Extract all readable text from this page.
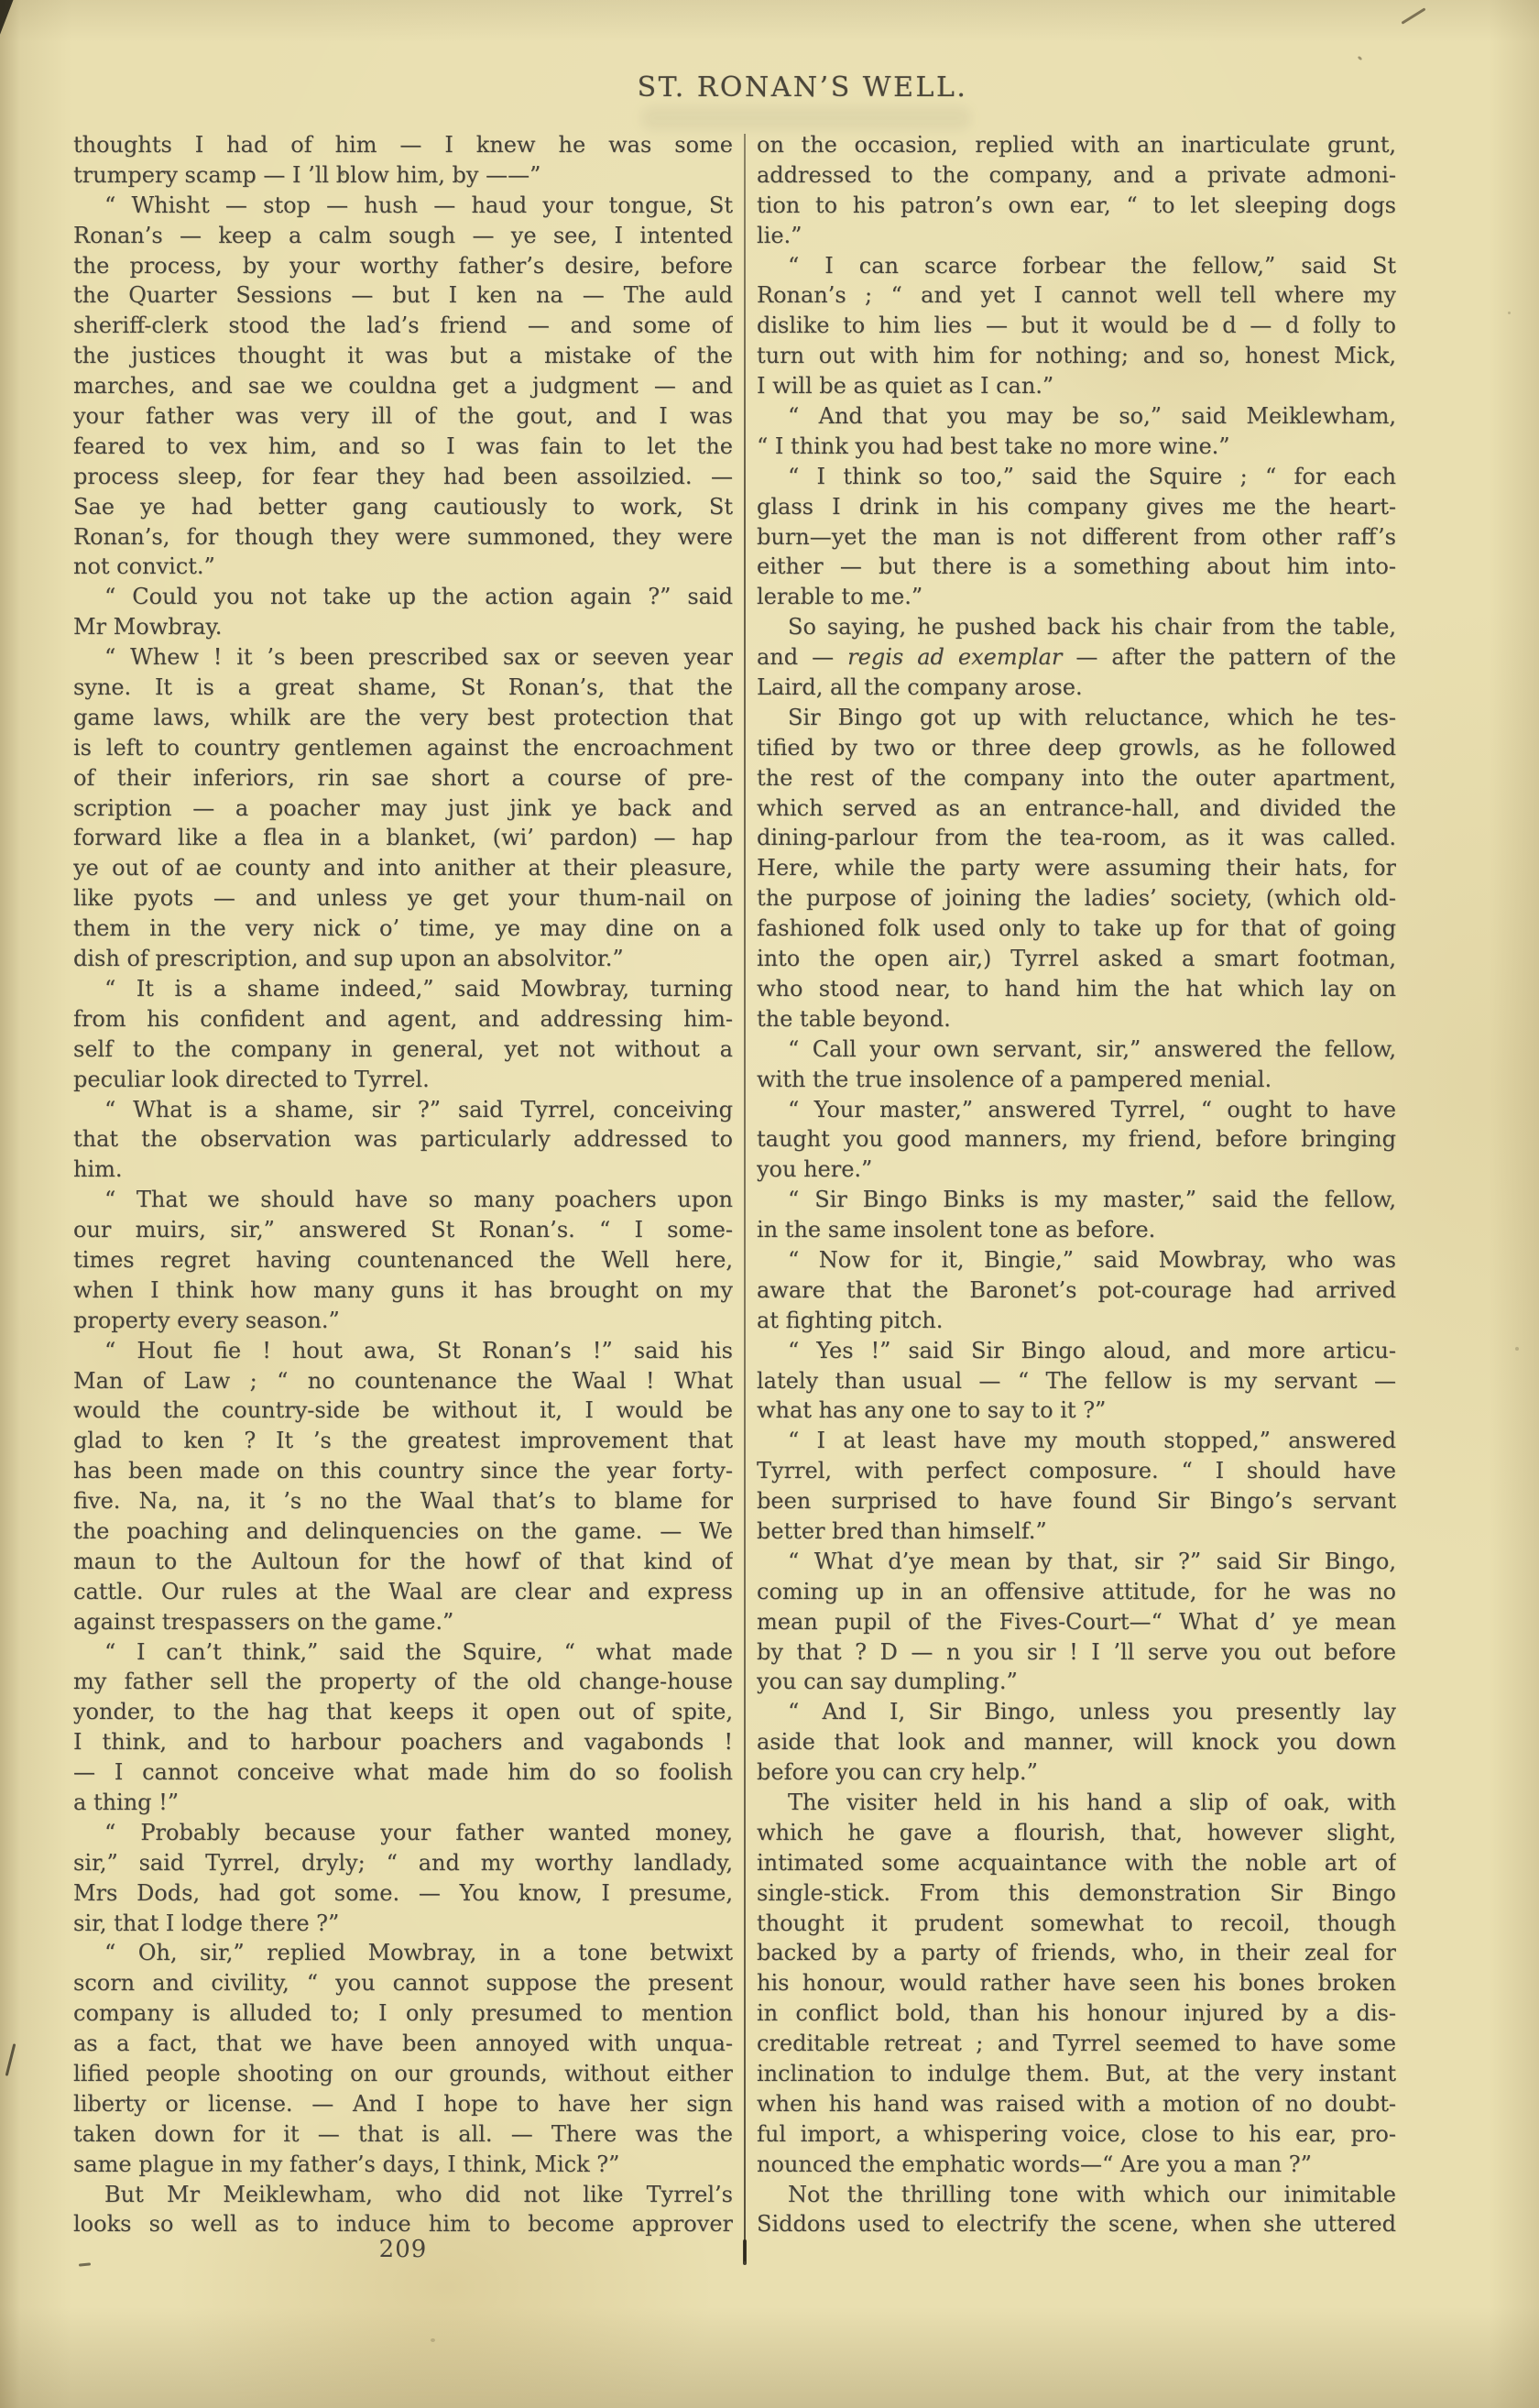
ST. RONAN’S WELL.
thoughts I had of him — I knew he was some
trumpery scamp — I ’ll blow him, by ——”
“ Whisht — stop — hush — haud your tongue, St
Ronan’s — keep a calm sough — ye see, I intented
the process, by your worthy father’s desire, before
the Quarter Sessions — but I ken na — The auld
sheriff-clerk stood the lad’s friend — and some of
the justices thought it was but a mistake of the
marches, and sae we couldna get a judgment — and
your father was very ill of the gout, and I was
feared to vex him, and so I was fain to let the
process sleep, for fear they had been assoilzied. —
Sae ye had better gang cautiously to work, St
Ronan’s, for though they were summoned, they were
not convict.”
“ Could you not take up the action again ?” said
Mr Mowbray.
“ Whew ! it ’s been prescribed sax or seeven year
syne. It is a great shame, St Ronan’s, that the
game laws, whilk are the very best protection that
is left to country gentlemen against the encroachment
of their inferiors, rin sae short a course of pre-
scription — a poacher may just jink ye back and
forward like a flea in a blanket, (wi’ pardon) — hap
ye out of ae county and into anither at their pleasure,
like pyots — and unless ye get your thum-nail on
them in the very nick o’ time, ye may dine on a
dish of prescription, and sup upon an absolvitor.”
“ It is a shame indeed,” said Mowbray, turning
from his confident and agent, and addressing him-
self to the company in general, yet not without a
peculiar look directed to Tyrrel.
“ What is a shame, sir ?” said Tyrrel, conceiving
that the observation was particularly addressed to
him.
“ That we should have so many poachers upon
our muirs, sir,” answered St Ronan’s. “ I some-
times regret having countenanced the Well here,
when I think how many guns it has brought on my
property every season.”
“ Hout fie ! hout awa, St Ronan’s !” said his
Man of Law ; “ no countenance the Waal ! What
would the country-side be without it, I would be
glad to ken ? It ’s the greatest improvement that
has been made on this country since the year forty-
five. Na, na, it ’s no the Waal that’s to blame for
the poaching and delinquencies on the game. — We
maun to the Aultoun for the howf of that kind of
cattle. Our rules at the Waal are clear and express
against trespassers on the game.”
“ I can’t think,” said the Squire, “ what made
my father sell the property of the old change-house
yonder, to the hag that keeps it open out of spite,
I think, and to harbour poachers and vagabonds !
— I cannot conceive what made him do so foolish
a thing !”
“ Probably because your father wanted money,
sir,” said Tyrrel, dryly; “ and my worthy landlady,
Mrs Dods, had got some. — You know, I presume,
sir, that I lodge there ?”
“ Oh, sir,” replied Mowbray, in a tone betwixt
scorn and civility, “ you cannot suppose the present
company is alluded to; I only presumed to mention
as a fact, that we have been annoyed with unqua-
lified people shooting on our grounds, without either
liberty or license. — And I hope to have her sign
taken down for it — that is all. — There was the
same plague in my father’s days, I think, Mick ?”
But Mr Meiklewham, who did not like Tyrrel’s
looks so well as to induce him to become approver
on the occasion, replied with an inarticulate grunt,
addressed to the company, and a private admoni-
tion to his patron’s own ear, “ to let sleeping dogs
lie.”
“ I can scarce forbear the fellow,” said St
Ronan’s ; “ and yet I cannot well tell where my
dislike to him lies — but it would be d — d folly to
turn out with him for nothing; and so, honest Mick,
I will be as quiet as I can.”
“ And that you may be so,” said Meiklewham,
“ I think you had best take no more wine.”
“ I think so too,” said the Squire ; “ for each
glass I drink in his company gives me the heart-
burn—yet the man is not different from other raff’s
either — but there is a something about him into-
lerable to me.”
So saying, he pushed back his chair from the table,
and — regis ad exemplar — after the pattern of the
Laird, all the company arose.
Sir Bingo got up with reluctance, which he tes-
tified by two or three deep growls, as he followed
the rest of the company into the outer apartment,
which served as an entrance-hall, and divided the
dining-parlour from the tea-room, as it was called.
Here, while the party were assuming their hats, for
the purpose of joining the ladies’ society, (which old-
fashioned folk used only to take up for that of going
into the open air,) Tyrrel asked a smart footman,
who stood near, to hand him the hat which lay on
the table beyond.
“ Call your own servant, sir,” answered the fellow,
with the true insolence of a pampered menial.
“ Your master,” answered Tyrrel, “ ought to have
taught you good manners, my friend, before bringing
you here.”
“ Sir Bingo Binks is my master,” said the fellow,
in the same insolent tone as before.
“ Now for it, Bingie,” said Mowbray, who was
aware that the Baronet’s pot-courage had arrived
at fighting pitch.
“ Yes !” said Sir Bingo aloud, and more articu-
lately than usual — “ The fellow is my servant —
what has any one to say to it ?”
“ I at least have my mouth stopped,” answered
Tyrrel, with perfect composure. “ I should have
been surprised to have found Sir Bingo’s servant
better bred than himself.”
“ What d’ye mean by that, sir ?” said Sir Bingo,
coming up in an offensive attitude, for he was no
mean pupil of the Fives-Court—“ What d’ ye mean
by that ? D — n you sir ! I ’ll serve you out before
you can say dumpling.”
“ And I, Sir Bingo, unless you presently lay
aside that look and manner, will knock you down
before you can cry help.”
The visiter held in his hand a slip of oak, with
which he gave a flourish, that, however slight,
intimated some acquaintance with the noble art of
single-stick. From this demonstration Sir Bingo
thought it prudent somewhat to recoil, though
backed by a party of friends, who, in their zeal for
his honour, would rather have seen his bones broken
in conflict bold, than his honour injured by a dis-
creditable retreat ; and Tyrrel seemed to have some
inclination to indulge them. But, at the very instant
when his hand was raised with a motion of no doubt-
ful import, a whispering voice, close to his ear, pro-
nounced the emphatic words—“ Are you a man ?”
Not the thrilling tone with which our inimitable
Siddons used to electrify the scene, when she uttered
209
